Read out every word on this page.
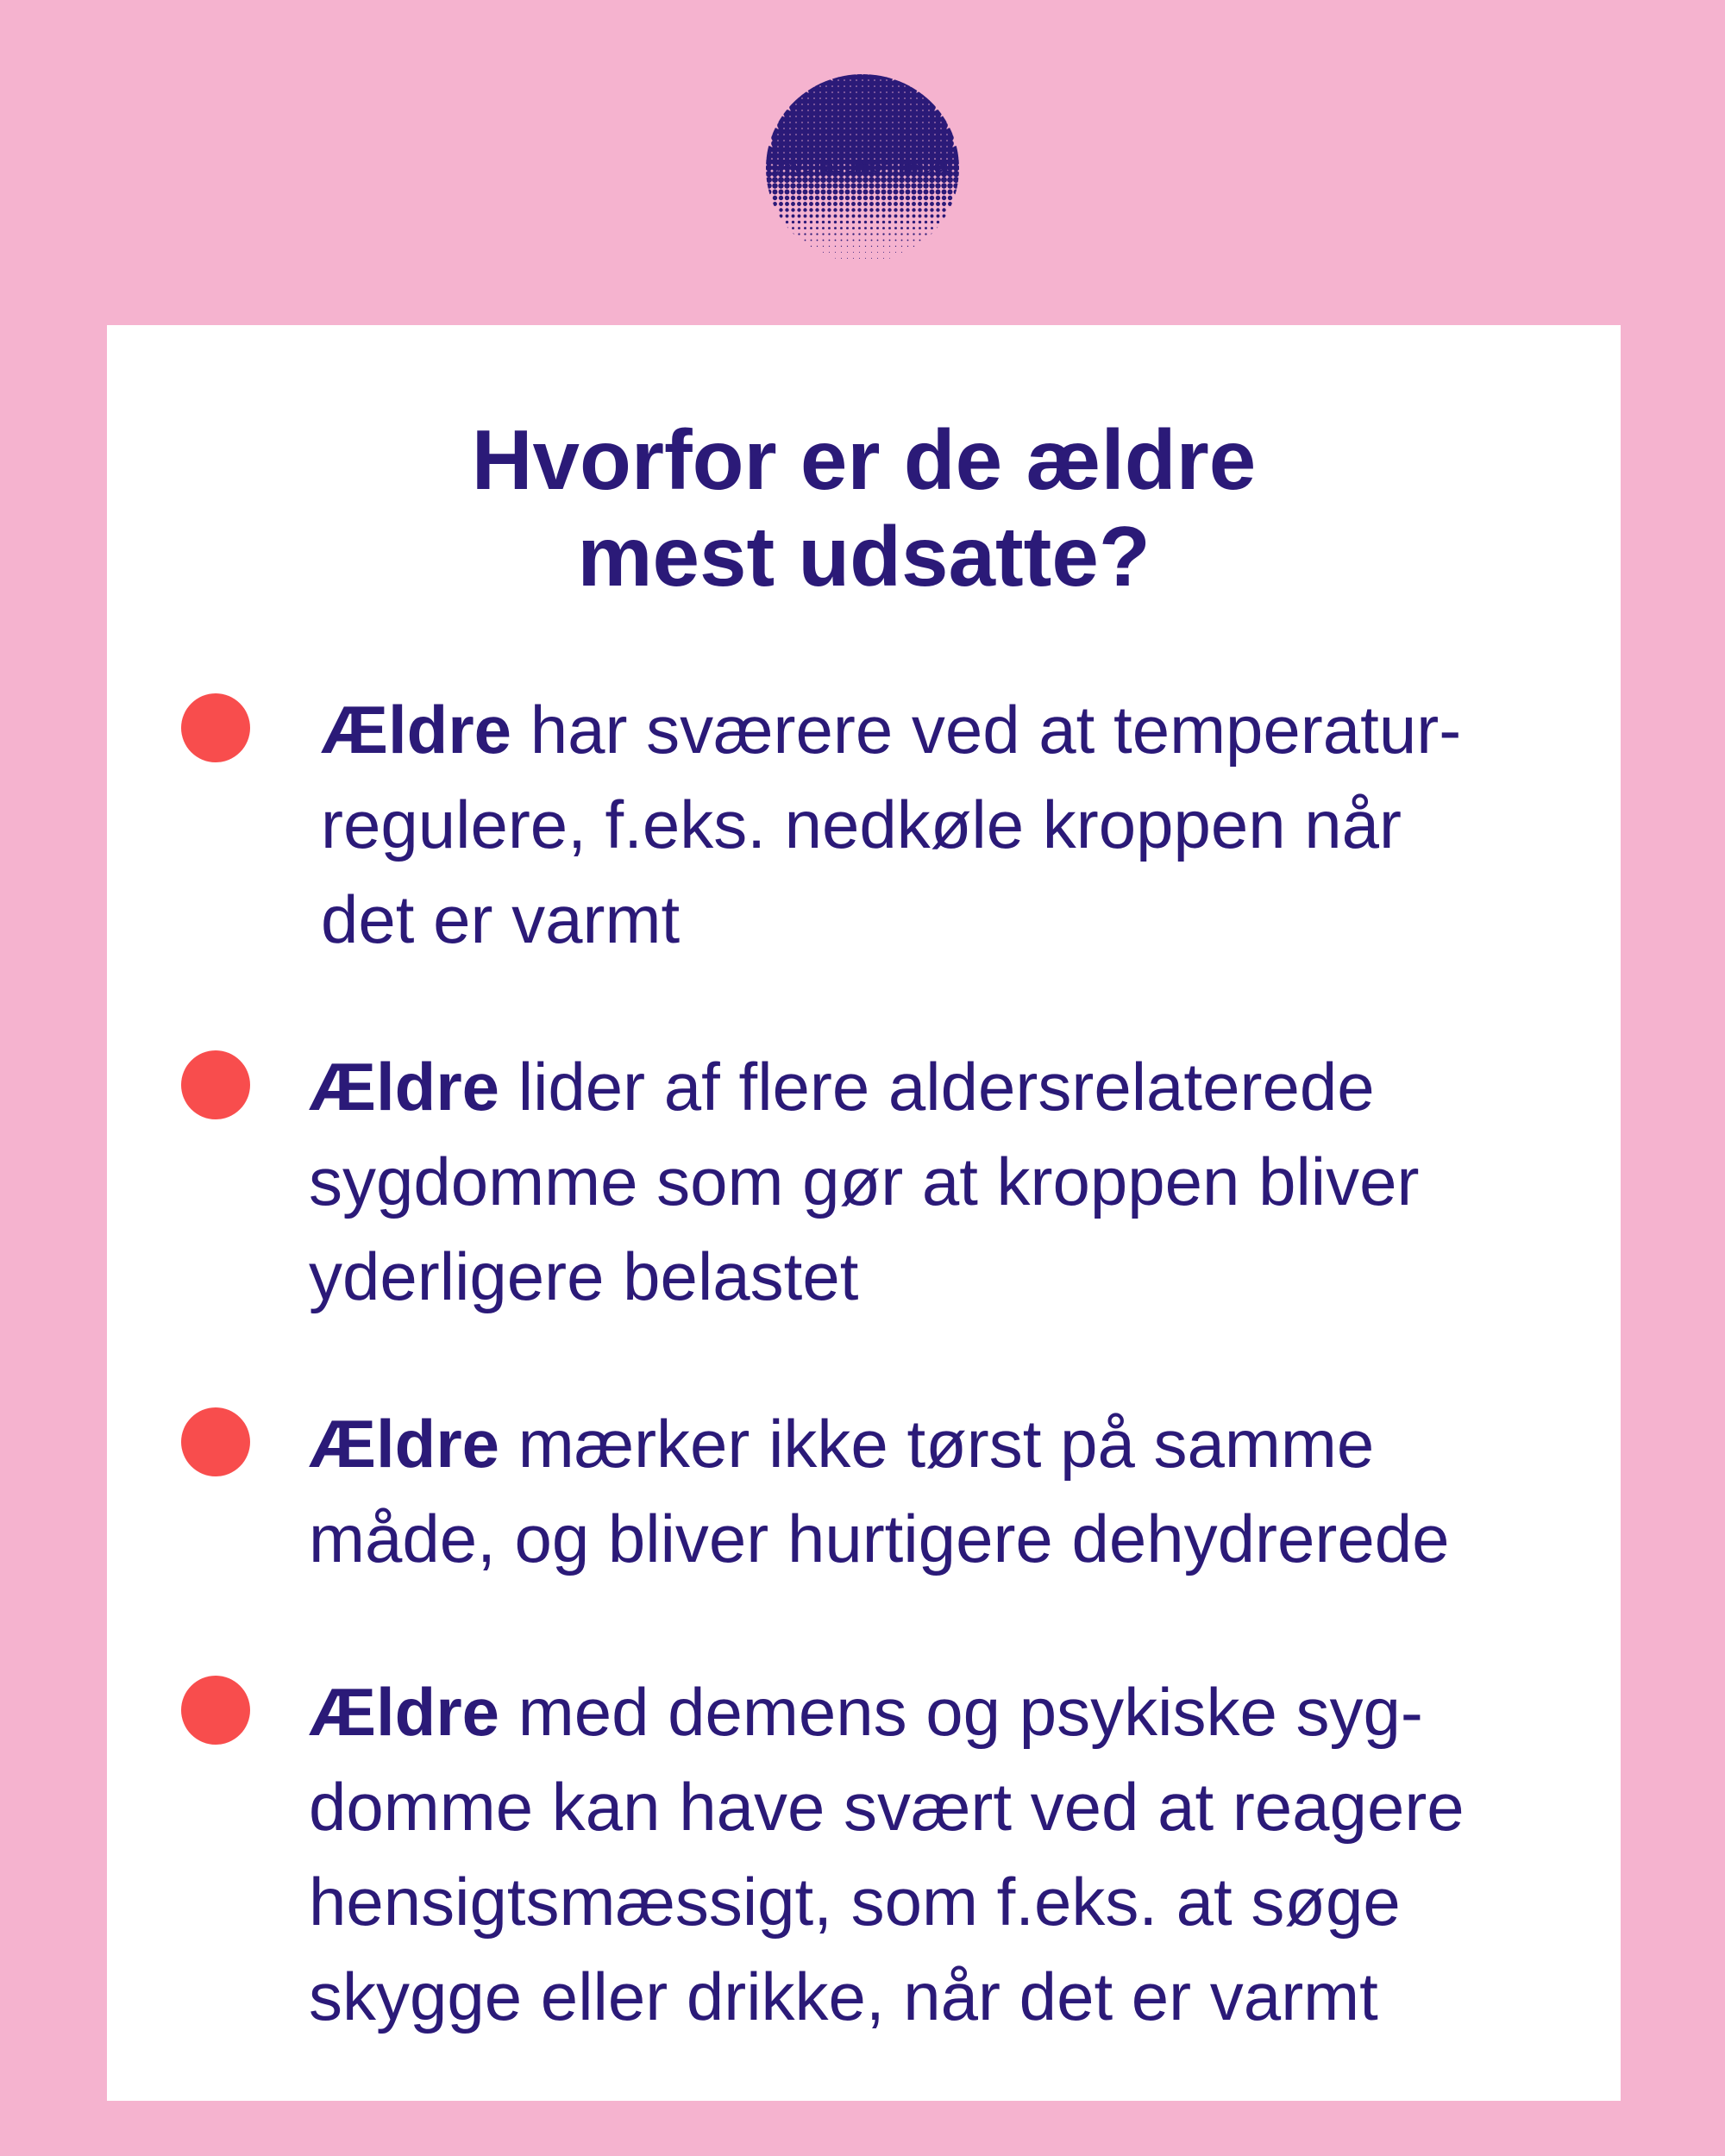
#rydfladenforklimaet
Hvorfor er de ældre
mest udsatte?
Ældre har sværere ved at temperatur-
regulere, f.eks. nedkøle kroppen når
det er varmt
Ældre lider af flere aldersrelaterede
sygdomme som gør at kroppen bliver
yderligere belastet
Ældre mærker ikke tørst på samme
måde, og bliver hurtigere dehydrerede
Ældre med demens og psykiske syg-
domme kan have svært ved at reagere
hensigtsmæssigt, som f.eks. at søge
skygge eller drikke, når det er varmt
